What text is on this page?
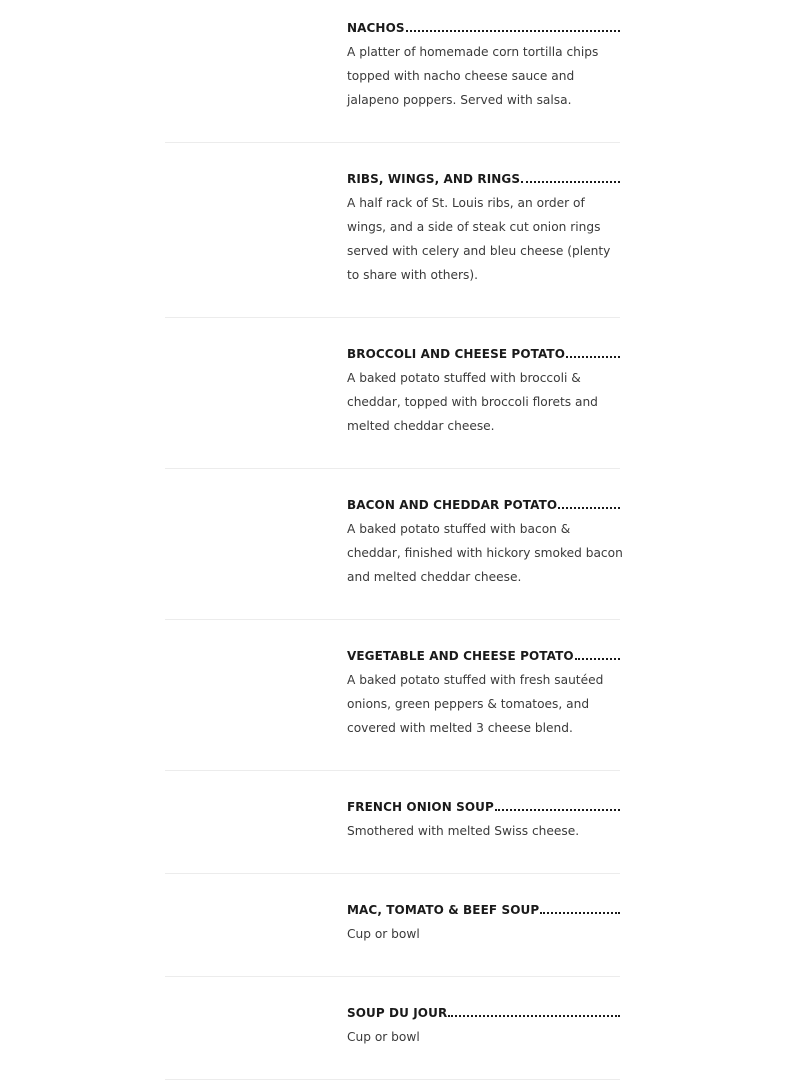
NACHOS
A platter of homemade corn tortilla chips topped with nacho cheese sauce and jalapeno poppers. Served with salsa.
RIBS, WINGS, AND RINGS
A half rack of St. Louis ribs, an order of wings, and a side of steak cut onion rings served with celery and bleu cheese (plenty to share with others).
BROCCOLI AND CHEESE POTATO
A baked potato stuffed with broccoli & cheddar, topped with broccoli florets and melted cheddar cheese.
BACON AND CHEDDAR POTATO
A baked potato stuffed with bacon & cheddar, finished with hickory smoked bacon and melted cheddar cheese.
VEGETABLE AND CHEESE POTATO
A baked potato stuffed with fresh sautéed onions, green peppers & tomatoes, and covered with melted 3 cheese blend.
FRENCH ONION SOUP
Smothered with melted Swiss cheese.
MAC, TOMATO & BEEF SOUP
Cup or bowl
SOUP DU JOUR
Cup or bowl
